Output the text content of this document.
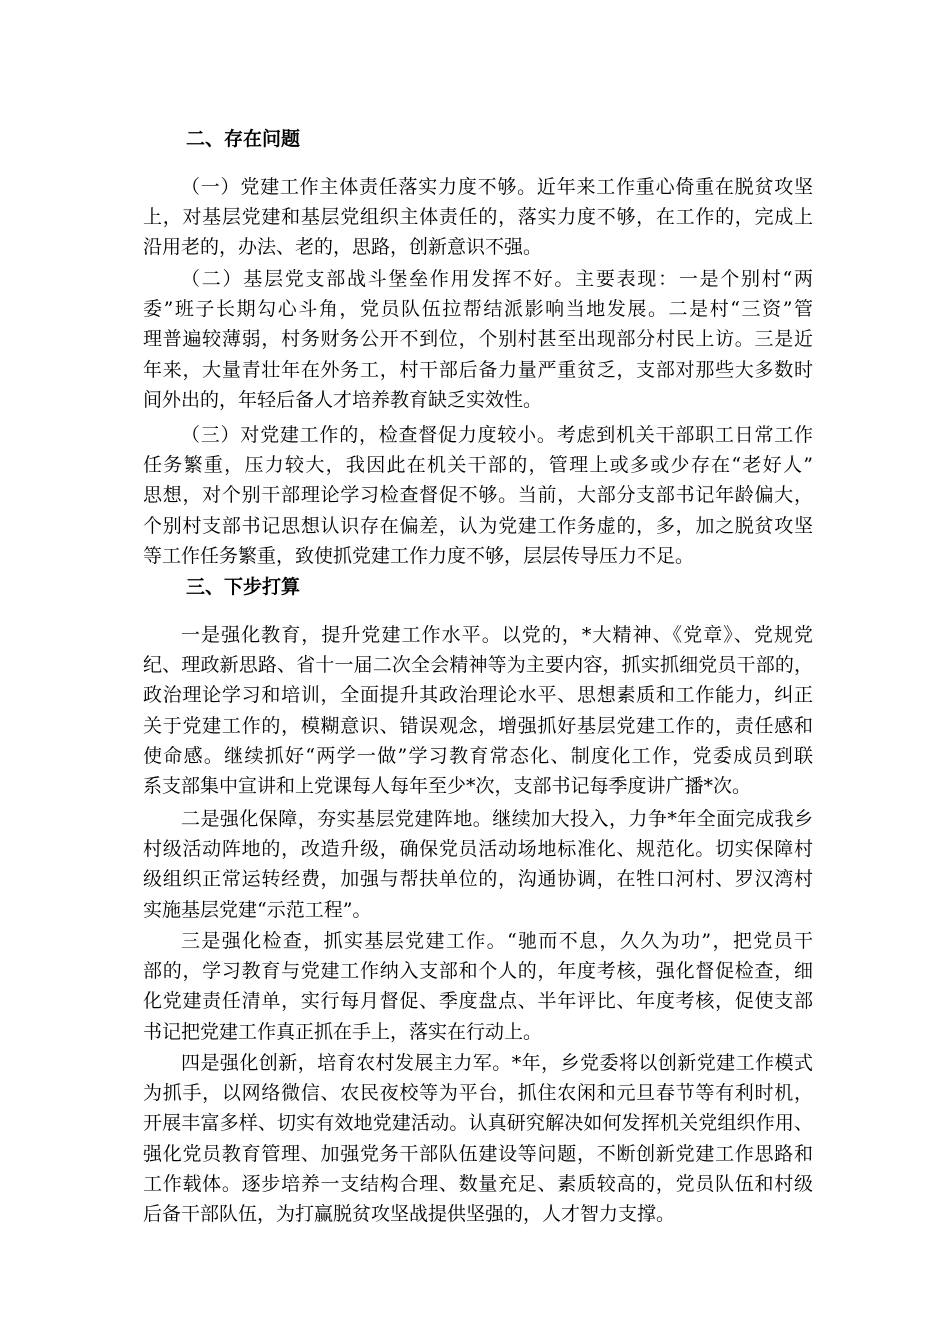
二、存在问题
（一）党建工作主体责任落实力度不够。近年来工作重心倚重在脱贫攻坚
上，对基层党建和基层党组织主体责任的，落实力度不够，在工作的，完成上
沿用老的，办法、老的，思路，创新意识不强。
（二）基层党支部战斗堡垒作用发挥不好。主要表现：一是个别村“两
委”班子长期勾心斗角，党员队伍拉帮结派影响当地发展。二是村“三资”管
理普遍较薄弱，村务财务公开不到位，个别村甚至出现部分村民上访。三是近
年来，大量青壮年在外务工，村干部后备力量严重贫乏，支部对那些大多数时
间外出的，年轻后备人才培养教育缺乏实效性。
（三）对党建工作的，检查督促力度较小。考虑到机关干部职工日常工作
任务繁重，压力较大，我因此在机关干部的，管理上或多或少存在“老好人”
思想，对个别干部理论学习检查督促不够。当前，大部分支部书记年龄偏大，
个别村支部书记思想认识存在偏差，认为党建工作务虚的，多，加之脱贫攻坚
等工作任务繁重，致使抓党建工作力度不够，层层传导压力不足。
三、下步打算
一是强化教育，提升党建工作水平。以党的，*大精神、《党章》、党规党
纪、理政新思路、省十一届二次全会精神等为主要内容，抓实抓细党员干部的，
政治理论学习和培训，全面提升其政治理论水平、思想素质和工作能力，纠正
关于党建工作的，模糊意识、错误观念，增强抓好基层党建工作的，责任感和
使命感。继续抓好“两学一做”学习教育常态化、制度化工作，党委成员到联
系支部集中宣讲和上党课每人每年至少*次，支部书记每季度讲广播*次。
二是强化保障，夯实基层党建阵地。继续加大投入，力争*年全面完成我乡
村级活动阵地的，改造升级，确保党员活动场地标准化、规范化。切实保障村
级组织正常运转经费，加强与帮扶单位的，沟通协调，在牲口河村、罗汉湾村
实施基层党建“示范工程”。
三是强化检查，抓实基层党建工作。“驰而不息，久久为功”，把党员干
部的，学习教育与党建工作纳入支部和个人的，年度考核，强化督促检查，细
化党建责任清单，实行每月督促、季度盘点、半年评比、年度考核，促使支部
书记把党建工作真正抓在手上，落实在行动上。
四是强化创新，培育农村发展主力军。*年，乡党委将以创新党建工作模式
为抓手，以网络微信、农民夜校等为平台，抓住农闲和元旦春节等有利时机，
开展丰富多样、切实有效地党建活动。认真研究解决如何发挥机关党组织作用、
强化党员教育管理、加强党务干部队伍建设等问题，不断创新党建工作思路和
工作载体。逐步培养一支结构合理、数量充足、素质较高的，党员队伍和村级
后备干部队伍，为打赢脱贫攻坚战提供坚强的，人才智力支撑。
